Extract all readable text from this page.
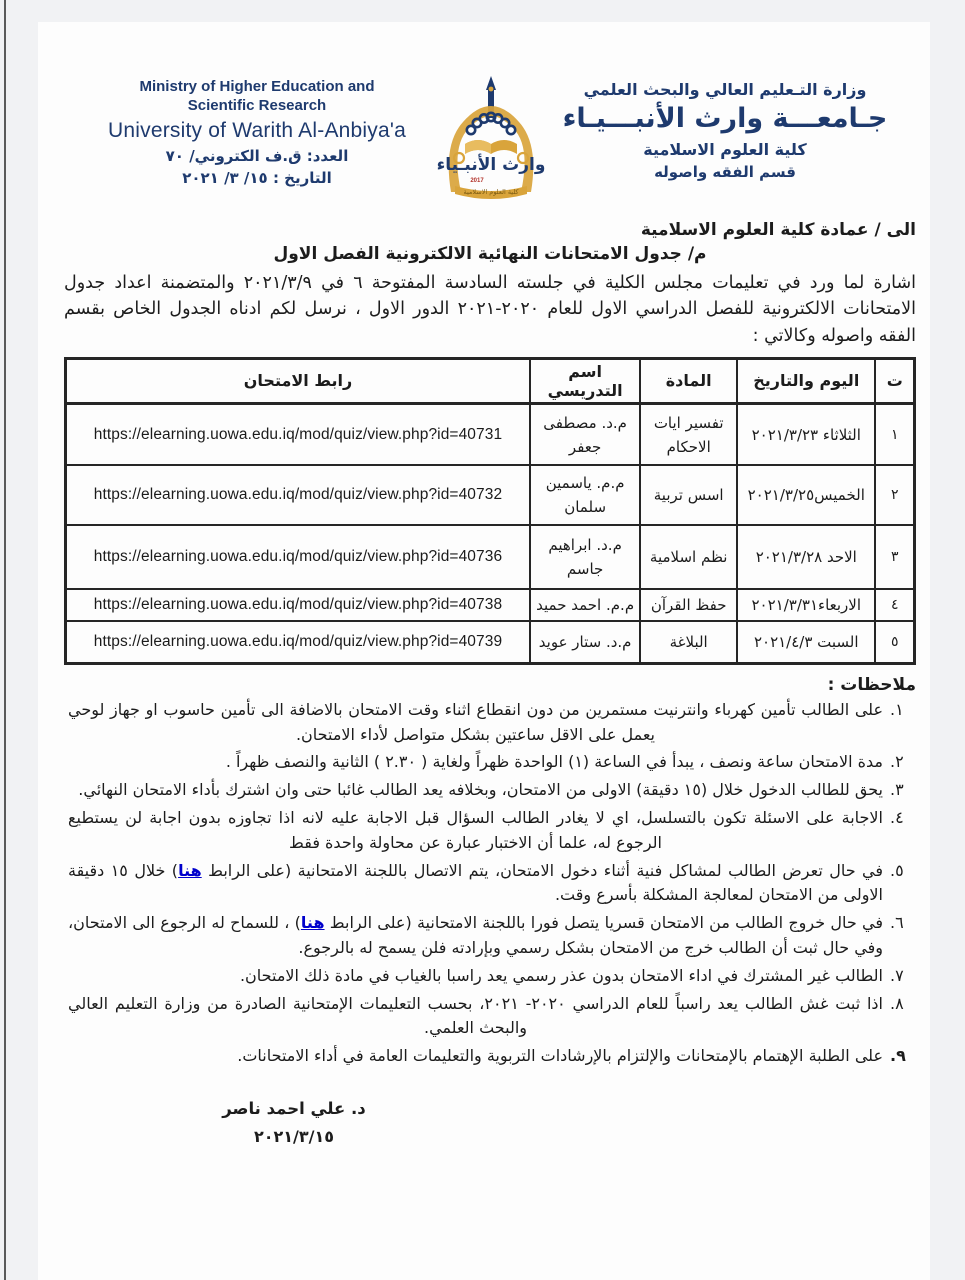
Ministry of Higher Education and
Scientific Research
University of Warith Al-Anbiya'a
العدد: ق.ف الكتروني/ ٧٠
التاريخ : ١٥/ ٣/ ٢٠٢١
وارث الأنبـياء
2017
كلية العلوم الاسلامية
وزارة التـعليم العالي والبحث العلمي
جـامعـــة وارث الأنبـــيـاء
كلية العلوم الاسلامية
قسم الفقه واصوله
الى / عمادة كلية العلوم الاسلامية
م/ جدول الامتحانات النهائية الالكترونية الفصل الاول

اشارة لما ورد في تعليمات مجلس الكلية في جلسته السادسة المفتوحة ٦ في ٢٠٢١/٣/٩ والمتضمنة اعداد جدول الامتحانات الالكترونية للفصل الدراسي الاول للعام ٢٠٢٠-٢٠٢١ الدور الاول ، نرسل لكم ادناه الجدول الخاص بقسم الفقه واصوله وكالاتي :

ت	اليوم والتاريخ	المادة	اسم التدريسي	رابط الامتحان
١	الثلاثاء ٢٠٢١/٣/٢٣	تفسير ايات الاحكام	م.د. مصطفى جعفر	https://elearning.uowa.edu.iq/mod/quiz/view.php?id=40731
٢	الخميس٢٠٢١/٣/٢٥	اسس تربية	م.م. ياسمين سلمان	https://elearning.uowa.edu.iq/mod/quiz/view.php?id=40732
٣	الاحد ٢٠٢١/٣/٢٨	نظم اسلامية	م.د. ابراهيم جاسم	https://elearning.uowa.edu.iq/mod/quiz/view.php?id=40736
٤	الاربعاء٢٠٢١/٣/٣١	حفظ القرآن	م.م. احمد حميد	https://elearning.uowa.edu.iq/mod/quiz/view.php?id=40738
٥	السبت ٢٠٢١/٤/٣	البلاغة	م.د. ستار عويد	https://elearning.uowa.edu.iq/mod/quiz/view.php?id=40739
ملاحظات :
١.
على الطالب تأمين كهرباء وانترنيت مستمرين من دون انقطاع اثناء وقت الامتحان بالاضافة الى تأمين حاسوب او جهاز لوحي يعمل على الاقل ساعتين بشكل متواصل لأداء الامتحان.
٢.
مدة الامتحان ساعة ونصف ، يبدأ في الساعة (١) الواحدة ظهراً ولغاية ( ٢.٣٠ ) الثانية والنصف ظهراً .
٣.
يحق للطالب الدخول خلال (١٥ دقيقة) الاولى من الامتحان، وبخلافه يعد الطالب غائبا حتى وان اشترك بأداء الامتحان النهائي.
٤.
الاجابة على الاسئلة تكون بالتسلسل، اي لا يغادر الطالب السؤال قبل الاجابة عليه لانه اذا تجاوزه بدون اجابة لن يستطيع الرجوع له، علما أن الاختبار عبارة عن محاولة واحدة فقط
٥.
في حال تعرض الطالب لمشاكل فنية أثناء دخول الامتحان، يتم الاتصال باللجنة الامتحانية (على الرابط هنا) خلال ١٥ دقيقة الاولى من الامتحان لمعالجة المشكلة بأسرع وقت.
٦.
في حال خروج الطالب من الامتحان قسريا يتصل فورا باللجنة الامتحانية (على الرابط هنا) ، للسماح له الرجوع الى الامتحان، وفي حال ثبت أن الطالب خرج من الامتحان بشكل رسمي وبإرادته فلن يسمح له بالرجوع.
٧.
الطالب غير المشترك في اداء الامتحان بدون عذر رسمي يعد راسبا بالغياب في مادة ذلك الامتحان.
٨.
اذا ثبت غش الطالب يعد راسباً للعام الدراسي ٢٠٢٠- ٢٠٢١، بحسب التعليمات الإمتحانية الصادرة من وزارة التعليم العالي والبحث العلمي.
٩.
على الطلبة الإهتمام بالإمتحانات والإلتزام بالإرشادات التربوية والتعليمات العامة في أداء الامتحانات.
د. علي احمد ناصر
٢٠٢١/٣/١٥
